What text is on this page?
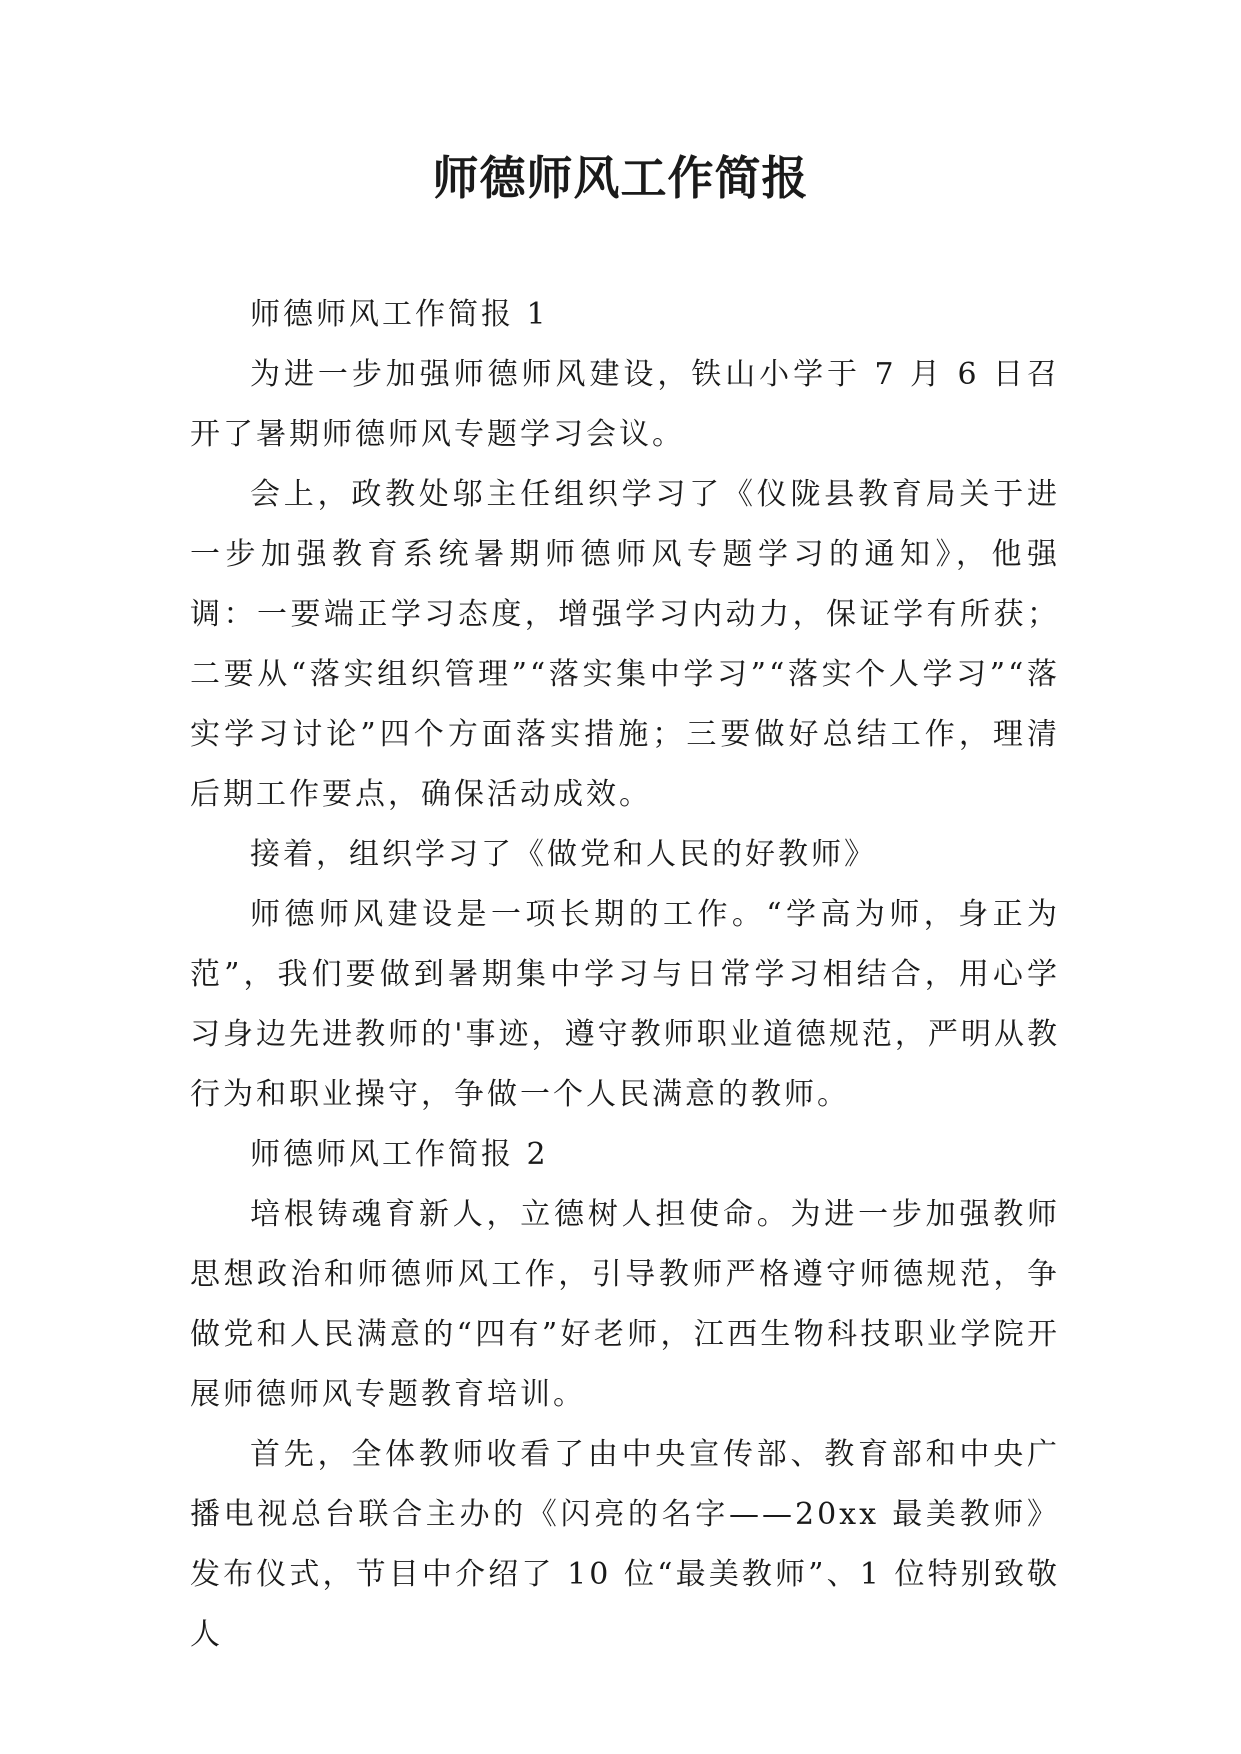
师德师风工作简报

师德师风工作简报 1

为进一步加强师德师风建设，铁山小学于 7 月 6 日召开了暑期师德师风专题学习会议。

会上，政教处邬主任组织学习了《仪陇县教育局关于进一步加强教育系统暑期师德师风专题学习的通知》，他强调：一要端正学习态度，增强学习内动力，保证学有所获；二要从“落实组织管理”“落实集中学习”“落实个人学习”“落实学习讨论”四个方面落实措施；三要做好总结工作，理清后期工作要点，确保活动成效。

接着，组织学习了《做党和人民的好教师》

师德师风建设是一项长期的工作。“学高为师，身正为范”，我们要做到暑期集中学习与日常学习相结合，用心学习身边先进教师的'事迹，遵守教师职业道德规范，严明从教行为和职业操守，争做一个人民满意的教师。

师德师风工作简报 2

培根铸魂育新人，立德树人担使命。为进一步加强教师思想政治和师德师风工作，引导教师严格遵守师德规范，争做党和人民满意的“四有”好老师，江西生物科技职业学院开展师德师风专题教育培训。

首先，全体教师收看了由中央宣传部、教育部和中央广播电视总台联合主办的《闪亮的名字——20xx 最美教师》发布仪式，节目中介绍了 10 位“最美教师”、1 位特别致敬人
